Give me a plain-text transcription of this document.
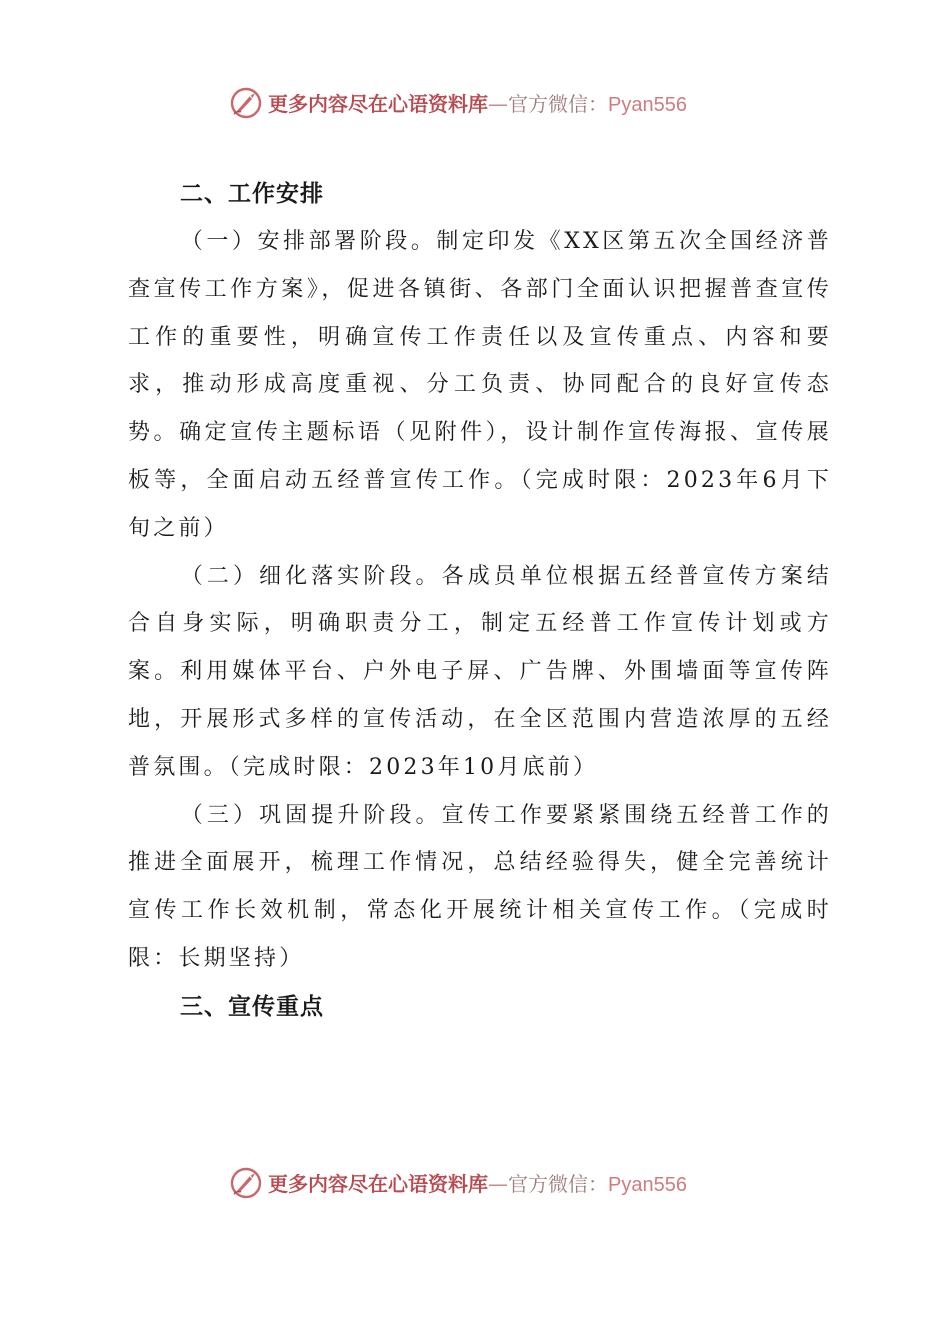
更多内容尽在心语资料库—官方微信：Pyan556

二、工作安排

（一）安排部署阶段。制定印发《XX区第五次全国经济普查宣传工作方案》，促进各镇街、各部门全面认识把握普查宣传工作的重要性，明确宣传工作责任以及宣传重点、内容和要求，推动形成高度重视、分工负责、协同配合的良好宣传态势。确定宣传主题标语（见附件），设计制作宣传海报、宣传展板等，全面启动五经普宣传工作。（完成时限：2023年6月下旬之前）

（二）细化落实阶段。各成员单位根据五经普宣传方案结合自身实际，明确职责分工，制定五经普工作宣传计划或方案。利用媒体平台、户外电子屏、广告牌、外围墙面等宣传阵地，开展形式多样的宣传活动，在全区范围内营造浓厚的五经普氛围。（完成时限：2023年10月底前）

（三）巩固提升阶段。宣传工作要紧紧围绕五经普工作的推进全面展开，梳理工作情况，总结经验得失，健全完善统计宣传工作长效机制，常态化开展统计相关宣传工作。（完成时限：长期坚持）

三、宣传重点

更多内容尽在心语资料库—官方微信：Pyan556
